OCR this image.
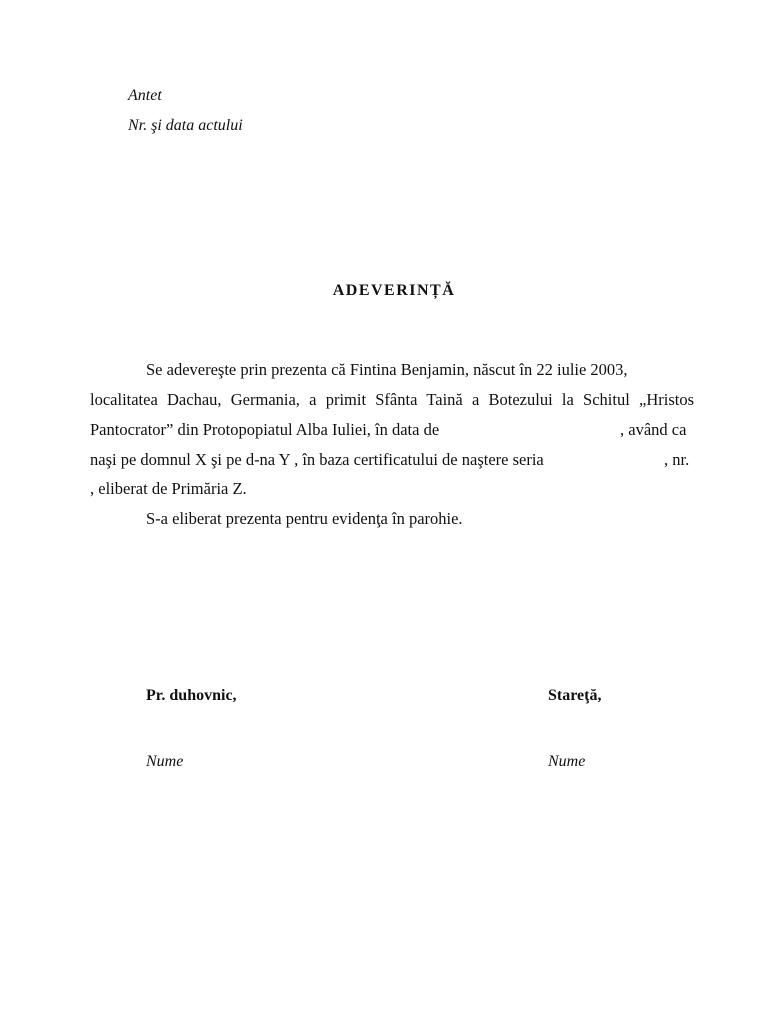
Antet
Nr. şi data actului
ADEVERINȚĂ
Se adevereşte prin prezenta că Fintina Benjamin, născut în 22 iulie 2003,
localitatea Dachau, Germania, a primit Sfânta Taină a Botezului la Schitul „Hristos
Pantocrator” din Protopopiatul Alba Iuliei, în data de	, având ca
naşi pe domnul X şi pe d-na Y , în baza certificatului de naştere seria	, nr.
, eliberat de Primăria Z.
S-a eliberat prezenta pentru evidenţa în parohie.
Pr. duhovnic,	Stareţă,
Nume	Nume
